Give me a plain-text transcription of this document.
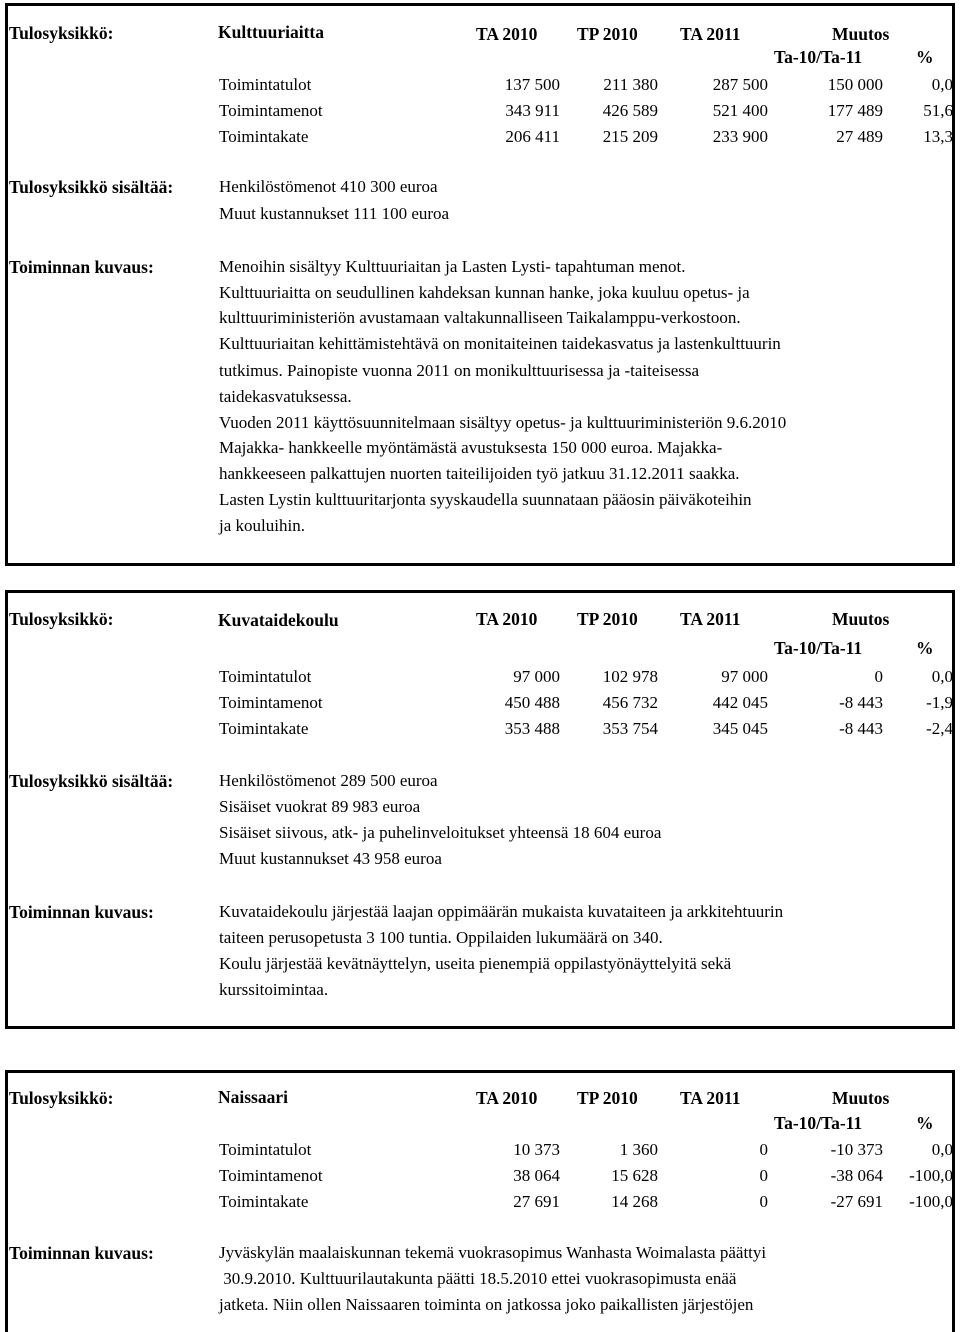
Tulosyksikkö:	Kulttuuriaitta	TA 2010 TP 2010 TA 2011	Muutos
Ta-10/Ta-11	%
Toimintatulot	137 500	211 380	287 500	150 000	0,0
Toimintamenot	343 911	426 589	521 400	177 489	51,6
Toimintakate	206 411	215 209	233 900	27 489	13,3
Tulosyksikkö sisältää:	Henkilöstömenot 410 300 euroa
Muut kustannukset 111 100 euroa
Toiminnan kuvaus:	Menoihin sisältyy Kulttuuriaitan ja Lasten Lysti- tapahtuman menot.
Kulttuuriaitta on seudullinen kahdeksan kunnan hanke, joka kuuluu opetus- ja
kulttuuriministeriön avustamaan valtakunnalliseen Taikalamppu-verkostoon.
Kulttuuriaitan kehittämistehtävä on monitaiteinen taidekasvatus ja lastenkulttuurin
tutkimus. Painopiste vuonna 2011 on monikulttuurisessa ja -taiteisessa
taidekasvatuksessa.
Vuoden 2011 käyttösuunnitelmaan sisältyy opetus- ja kulttuuriministeriön 9.6.2010
Majakka- hankkeelle myöntämästä avustuksesta 150 000 euroa. Majakka-
hankkeeseen palkattujen nuorten taiteilijoiden työ jatkuu 31.12.2011 saakka.
Lasten Lystin kulttuuritarjonta syyskaudella suunnataan pääosin päiväkoteihin
ja kouluihin.
Tulosyksikkö:	Kuvataidekoulu	TA 2010 TP 2010 TA 2011	Muutos
Ta-10/Ta-11	%
Toimintatulot	97 000	102 978	97 000	0	0,0
Toimintamenot	450 488	456 732	442 045	-8 443	-1,9
Toimintakate	353 488	353 754	345 045	-8 443	-2,4
Tulosyksikkö sisältää:	Henkilöstömenot 289 500 euroa
Sisäiset vuokrat 89 983 euroa
Sisäiset siivous, atk- ja puhelinveloitukset yhteensä 18 604 euroa
Muut kustannukset 43 958 euroa
Toiminnan kuvaus:	Kuvataidekoulu järjestää laajan oppimäärän mukaista kuvataiteen ja arkkitehtuurin
taiteen perusopetusta 3 100 tuntia. Oppilaiden lukumäärä on 340.
Koulu järjestää kevätnäyttelyn, useita pienempiä oppilastyönäyttelyitä sekä
kurssitoimintaa.
Tulosyksikkö:	Naissaari	TA 2010 TP 2010 TA 2011	Muutos
Ta-10/Ta-11	%
Toimintatulot	10 373	1 360	0	-10 373	0,0
Toimintamenot	38 064	15 628	0	-38 064	-100,0
Toimintakate	27 691	14 268	0	-27 691	-100,0
Toiminnan kuvaus:	Jyväskylän maalaiskunnan tekemä vuokrasopimus Wanhasta Woimalasta päättyi
30.9.2010. Kulttuurilautakunta päätti 18.5.2010 ettei vuokrasopimusta enää
jatketa. Niin ollen Naissaaren toiminta on jatkossa joko paikallisten järjestöjen
